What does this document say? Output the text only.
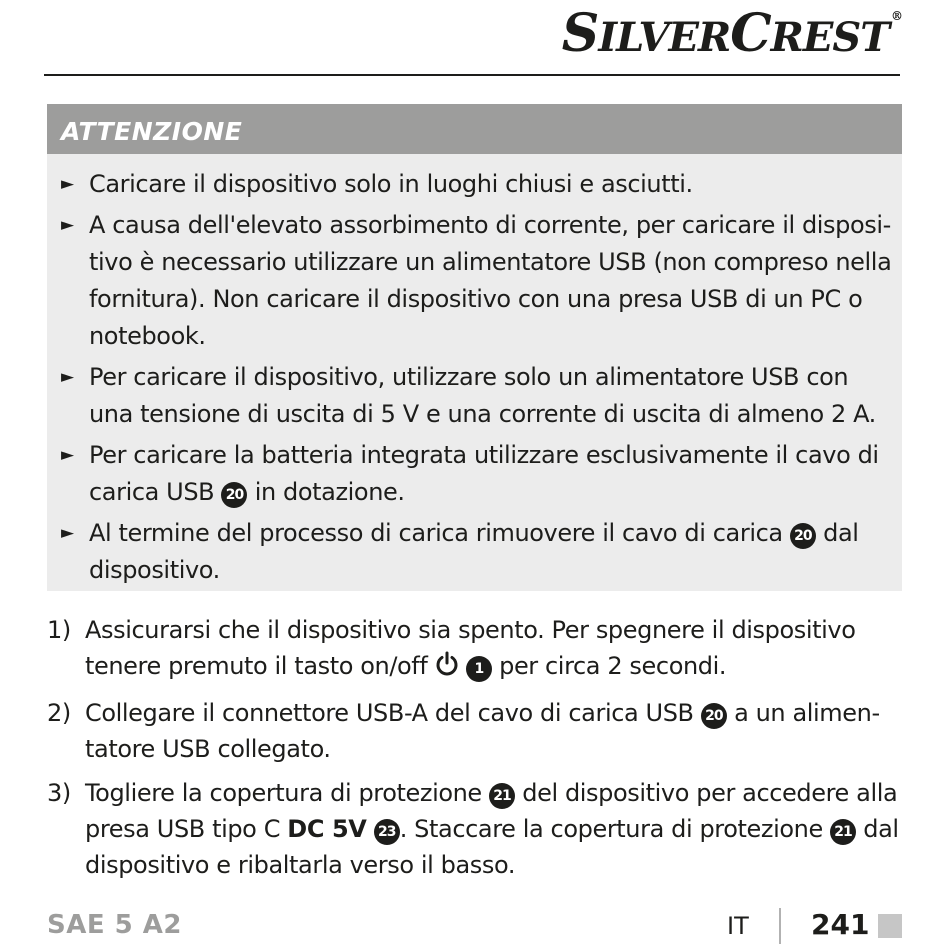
SILVERCREST ®
ATTENZIONE
► Caricare il dispositivo solo in luoghi chiusi e asciutti.
► A causa dell'elevato assorbimento di corrente, per caricare il disposi-tivo è necessario utilizzare un alimentatore USB (non compreso nella fornitura). Non caricare il dispositivo con una presa USB di un PC o notebook.
► Per caricare il dispositivo, utilizzare solo un alimentatore USB con una tensione di uscita di 5 V e una corrente di uscita di almeno 2 A.
► Per caricare la batteria integrata utilizzare esclusivamente il cavo di carica USB 20 in dotazione.
► Al termine del processo di carica rimuovere il cavo di carica 20 dal dispositivo.
1) Assicurarsi che il dispositivo sia spento. Per spegnere il dispositivo tenere premuto il tasto on/off	1 per circa 2 secondi.
2) Collegare il connettore USB-A del cavo di carica USB 20 a un alimen-tatore USB collegato.
3) Togliere la copertura di protezione 21 del dispositivo per accedere alla presa USB tipo C DC 5V 23 . Staccare la copertura di protezione 21 dal dispositivo e ribaltarla verso il basso.
SAE 5 A2	IT 241
